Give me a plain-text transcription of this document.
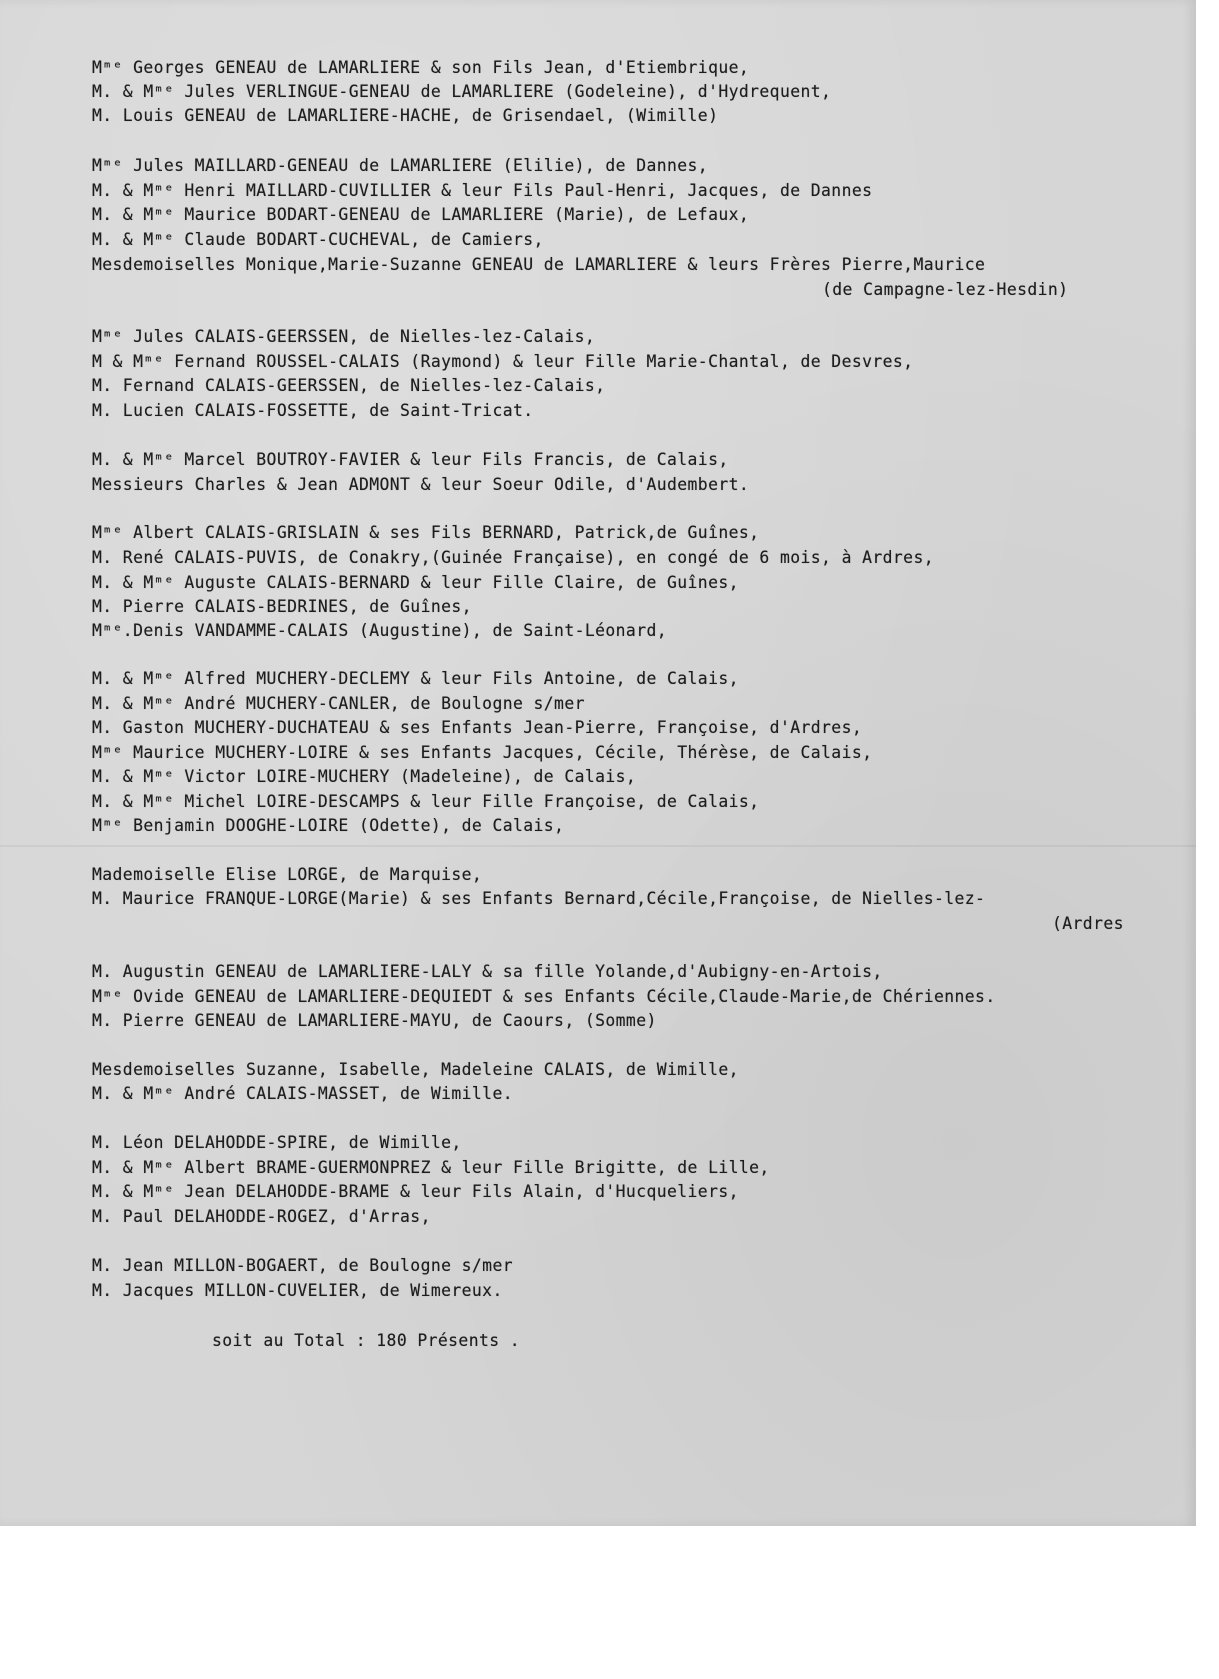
Mᵐᵉ Georges GENEAU de LAMARLIERE & son Fils Jean, d'Etiembrique,

M. & Mᵐᵉ Jules VERLINGUE-GENEAU de LAMARLIERE (Godeleine), d'Hydrequent,

M. Louis GENEAU de LAMARLIERE-HACHE, de Grisendael, (Wimille)

Mᵐᵉ Jules MAILLARD-GENEAU de LAMARLIERE (Elilie), de Dannes,

M. & Mᵐᵉ Henri MAILLARD-CUVILLIER & leur Fils Paul-Henri, Jacques, de Dannes

M. & Mᵐᵉ Maurice BODART-GENEAU de LAMARLIERE (Marie), de Lefaux,

M. & Mᵐᵉ Claude BODART-CUCHEVAL, de Camiers,

Mesdemoiselles Monique,Marie-Suzanne GENEAU de LAMARLIERE & leurs Frères Pierre,Maurice

(de Campagne-lez-Hesdin)

Mᵐᵉ Jules CALAIS-GEERSSEN, de Nielles-lez-Calais,

M & Mᵐᵉ Fernand ROUSSEL-CALAIS (Raymond) & leur Fille Marie-Chantal, de Desvres,

M. Fernand CALAIS-GEERSSEN, de Nielles-lez-Calais,

M. Lucien CALAIS-FOSSETTE, de Saint-Tricat.

M. & Mᵐᵉ Marcel BOUTROY-FAVIER & leur Fils Francis, de Calais,

Messieurs Charles & Jean ADMONT & leur Soeur Odile, d'Audembert.

Mᵐᵉ Albert CALAIS-GRISLAIN & ses Fils BERNARD, Patrick,de Guînes,

M. René CALAIS-PUVIS, de Conakry,(Guinée Française), en congé de 6 mois, à Ardres,

M. & Mᵐᵉ Auguste CALAIS-BERNARD & leur Fille Claire, de Guînes,

M. Pierre CALAIS-BEDRINES, de Guînes,

Mᵐᵉ.Denis VANDAMME-CALAIS (Augustine), de Saint-Léonard,

M. & Mᵐᵉ Alfred MUCHERY-DECLEMY & leur Fils Antoine, de Calais,

M. & Mᵐᵉ André MUCHERY-CANLER, de Boulogne s/mer

M. Gaston MUCHERY-DUCHATEAU & ses Enfants Jean-Pierre, Françoise, d'Ardres,

Mᵐᵉ Maurice MUCHERY-LOIRE & ses Enfants Jacques, Cécile, Thérèse, de Calais,

M. & Mᵐᵉ Victor LOIRE-MUCHERY (Madeleine), de Calais,

M. & Mᵐᵉ Michel LOIRE-DESCAMPS & leur Fille Françoise, de Calais,

Mᵐᵉ Benjamin DOOGHE-LOIRE (Odette), de Calais,

Mademoiselle Elise LORGE, de Marquise,

M. Maurice FRANQUE-LORGE(Marie) & ses Enfants Bernard,Cécile,Françoise, de Nielles-lez-

(Ardres

M. Augustin GENEAU de LAMARLIERE-LALY & sa fille Yolande,d'Aubigny-en-Artois,

Mᵐᵉ Ovide GENEAU de LAMARLIERE-DEQUIEDT & ses Enfants Cécile,Claude-Marie,de Chériennes.

M. Pierre GENEAU de LAMARLIERE-MAYU, de Caours, (Somme)

Mesdemoiselles Suzanne, Isabelle, Madeleine CALAIS, de Wimille,

M. & Mᵐᵉ André CALAIS-MASSET, de Wimille.

M. Léon DELAHODDE-SPIRE, de Wimille,

M. & Mᵐᵉ Albert BRAME-GUERMONPREZ & leur Fille Brigitte, de Lille,

M. & Mᵐᵉ Jean DELAHODDE-BRAME & leur Fils Alain, d'Hucqueliers,

M. Paul DELAHODDE-ROGEZ, d'Arras,

M. Jean MILLON-BOGAERT, de Boulogne s/mer

M. Jacques MILLON-CUVELIER, de Wimereux.

soit au Total : 180 Présents .
